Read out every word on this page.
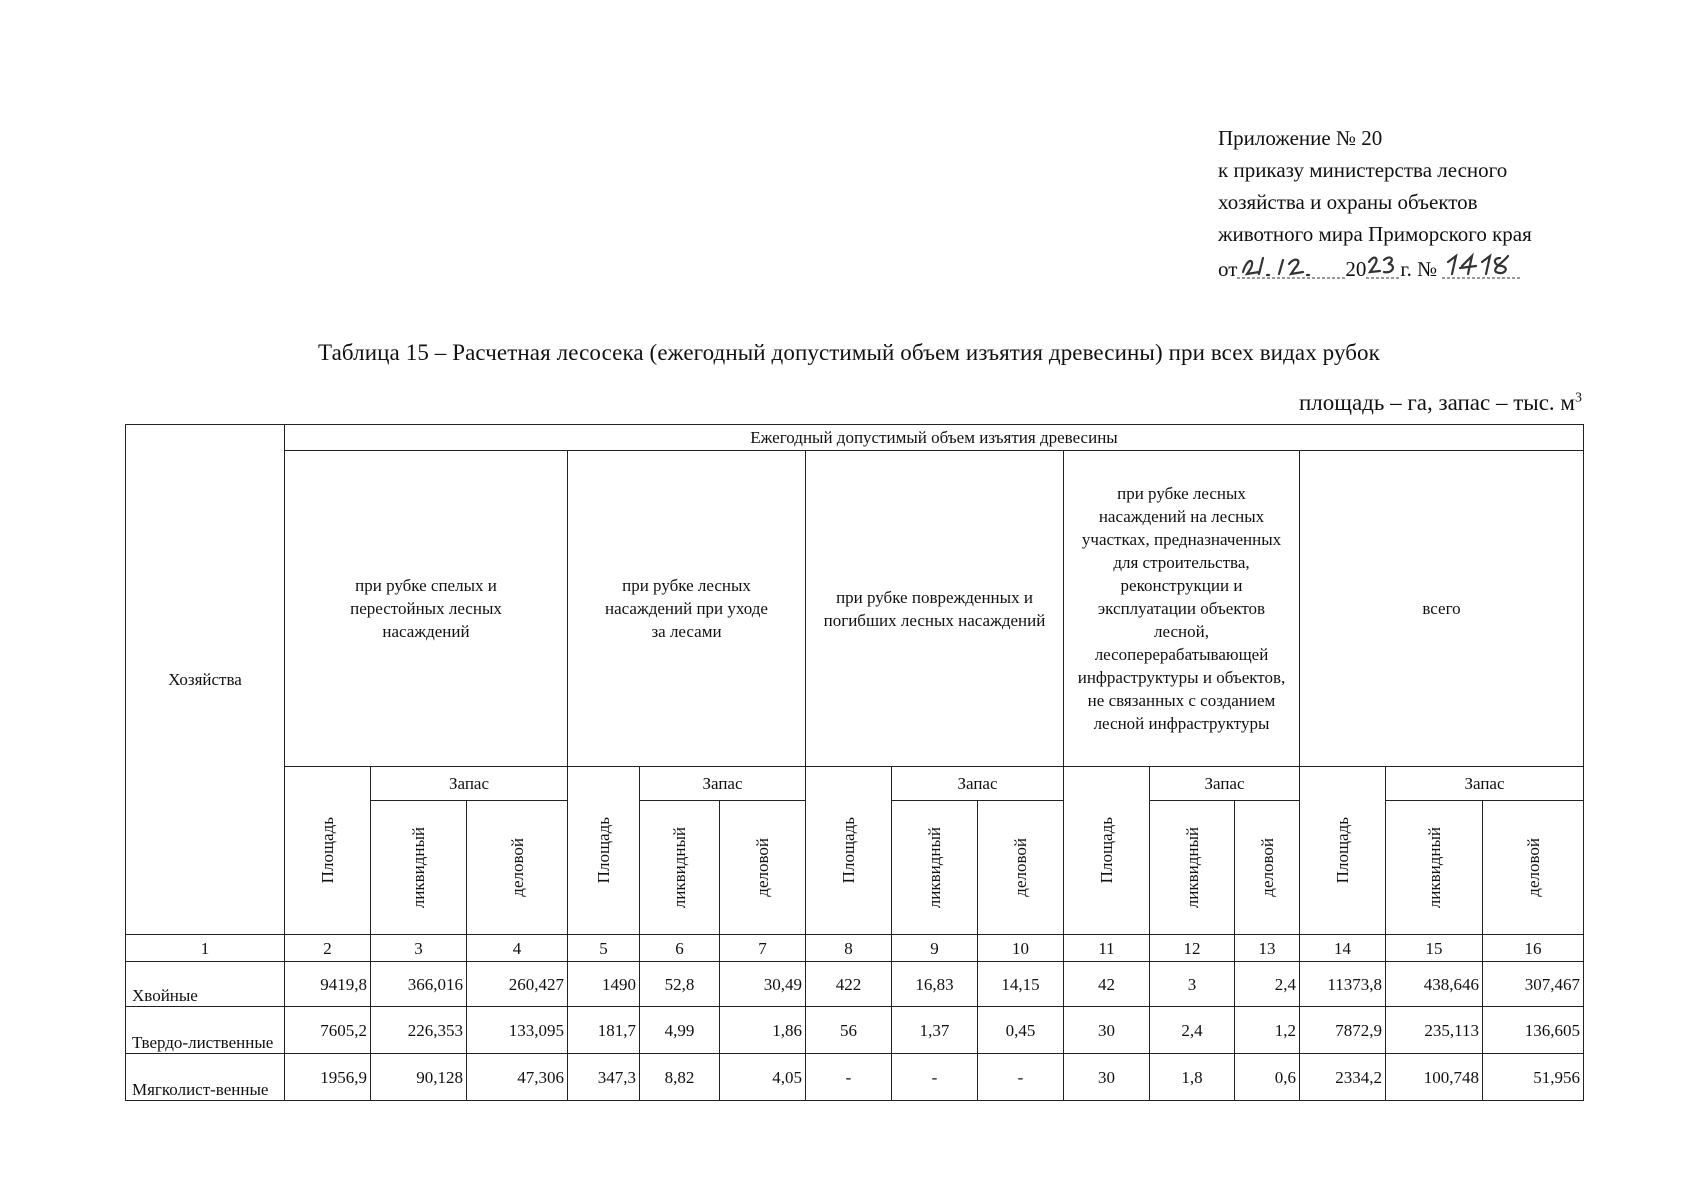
Приложение № 20
к приказу министерства лесного
хозяйства и охраны объектов
животного мира Приморского края
от	20 г. №
Таблица 15 – Расчетная лесосека (ежегодный допустимый объем изъятия древесины) при всех видах рубок
площадь – га, запас – тыс. $м^3$
Хозяйства	Ежегодный допустимый объем изъятия древесины														
	при рубке спелых и перестойных лесных насаждений			при рубке лесных насаждений при уходе за лесами			при рубке поврежденных и погибших лесных насаждений			при рубке лесных насаждений на лесных участках, предназначенных для строительства, реконструкции и эксплуатации объектов лесной, лесоперерабатывающей инфраструктуры и объектов, не связанных с созданием лесной инфраструктуры			всего		

	Площадь	Запас		Площадь	Запас		Площадь	Запас		Площадь	Запас		Площадь	Запас	

		ликвидный	деловой		ликвидный	деловой		ликвидный	деловой		ликвидный	деловой		ликвидный	деловой

1	2	3	4	5	6	7	8	9	10	11	12	13	14	15	16
Хвойные	9419,8	366,016	260,427	1490	52,8	30,49	422	16,83	14,15	42	3	2,4	11373,8	438,646	307,467
Твердо-лиственные	7605,2	226,353	133,095	181,7	4,99	1,86	56	1,37	0,45	30	2,4	1,2	7872,9	235,113	136,605
Мягколист-венные	1956,9	90,128	47,306	347,3	8,82	4,05	-	-	-	30	1,8	0,6	2334,2	100,748	51,956
